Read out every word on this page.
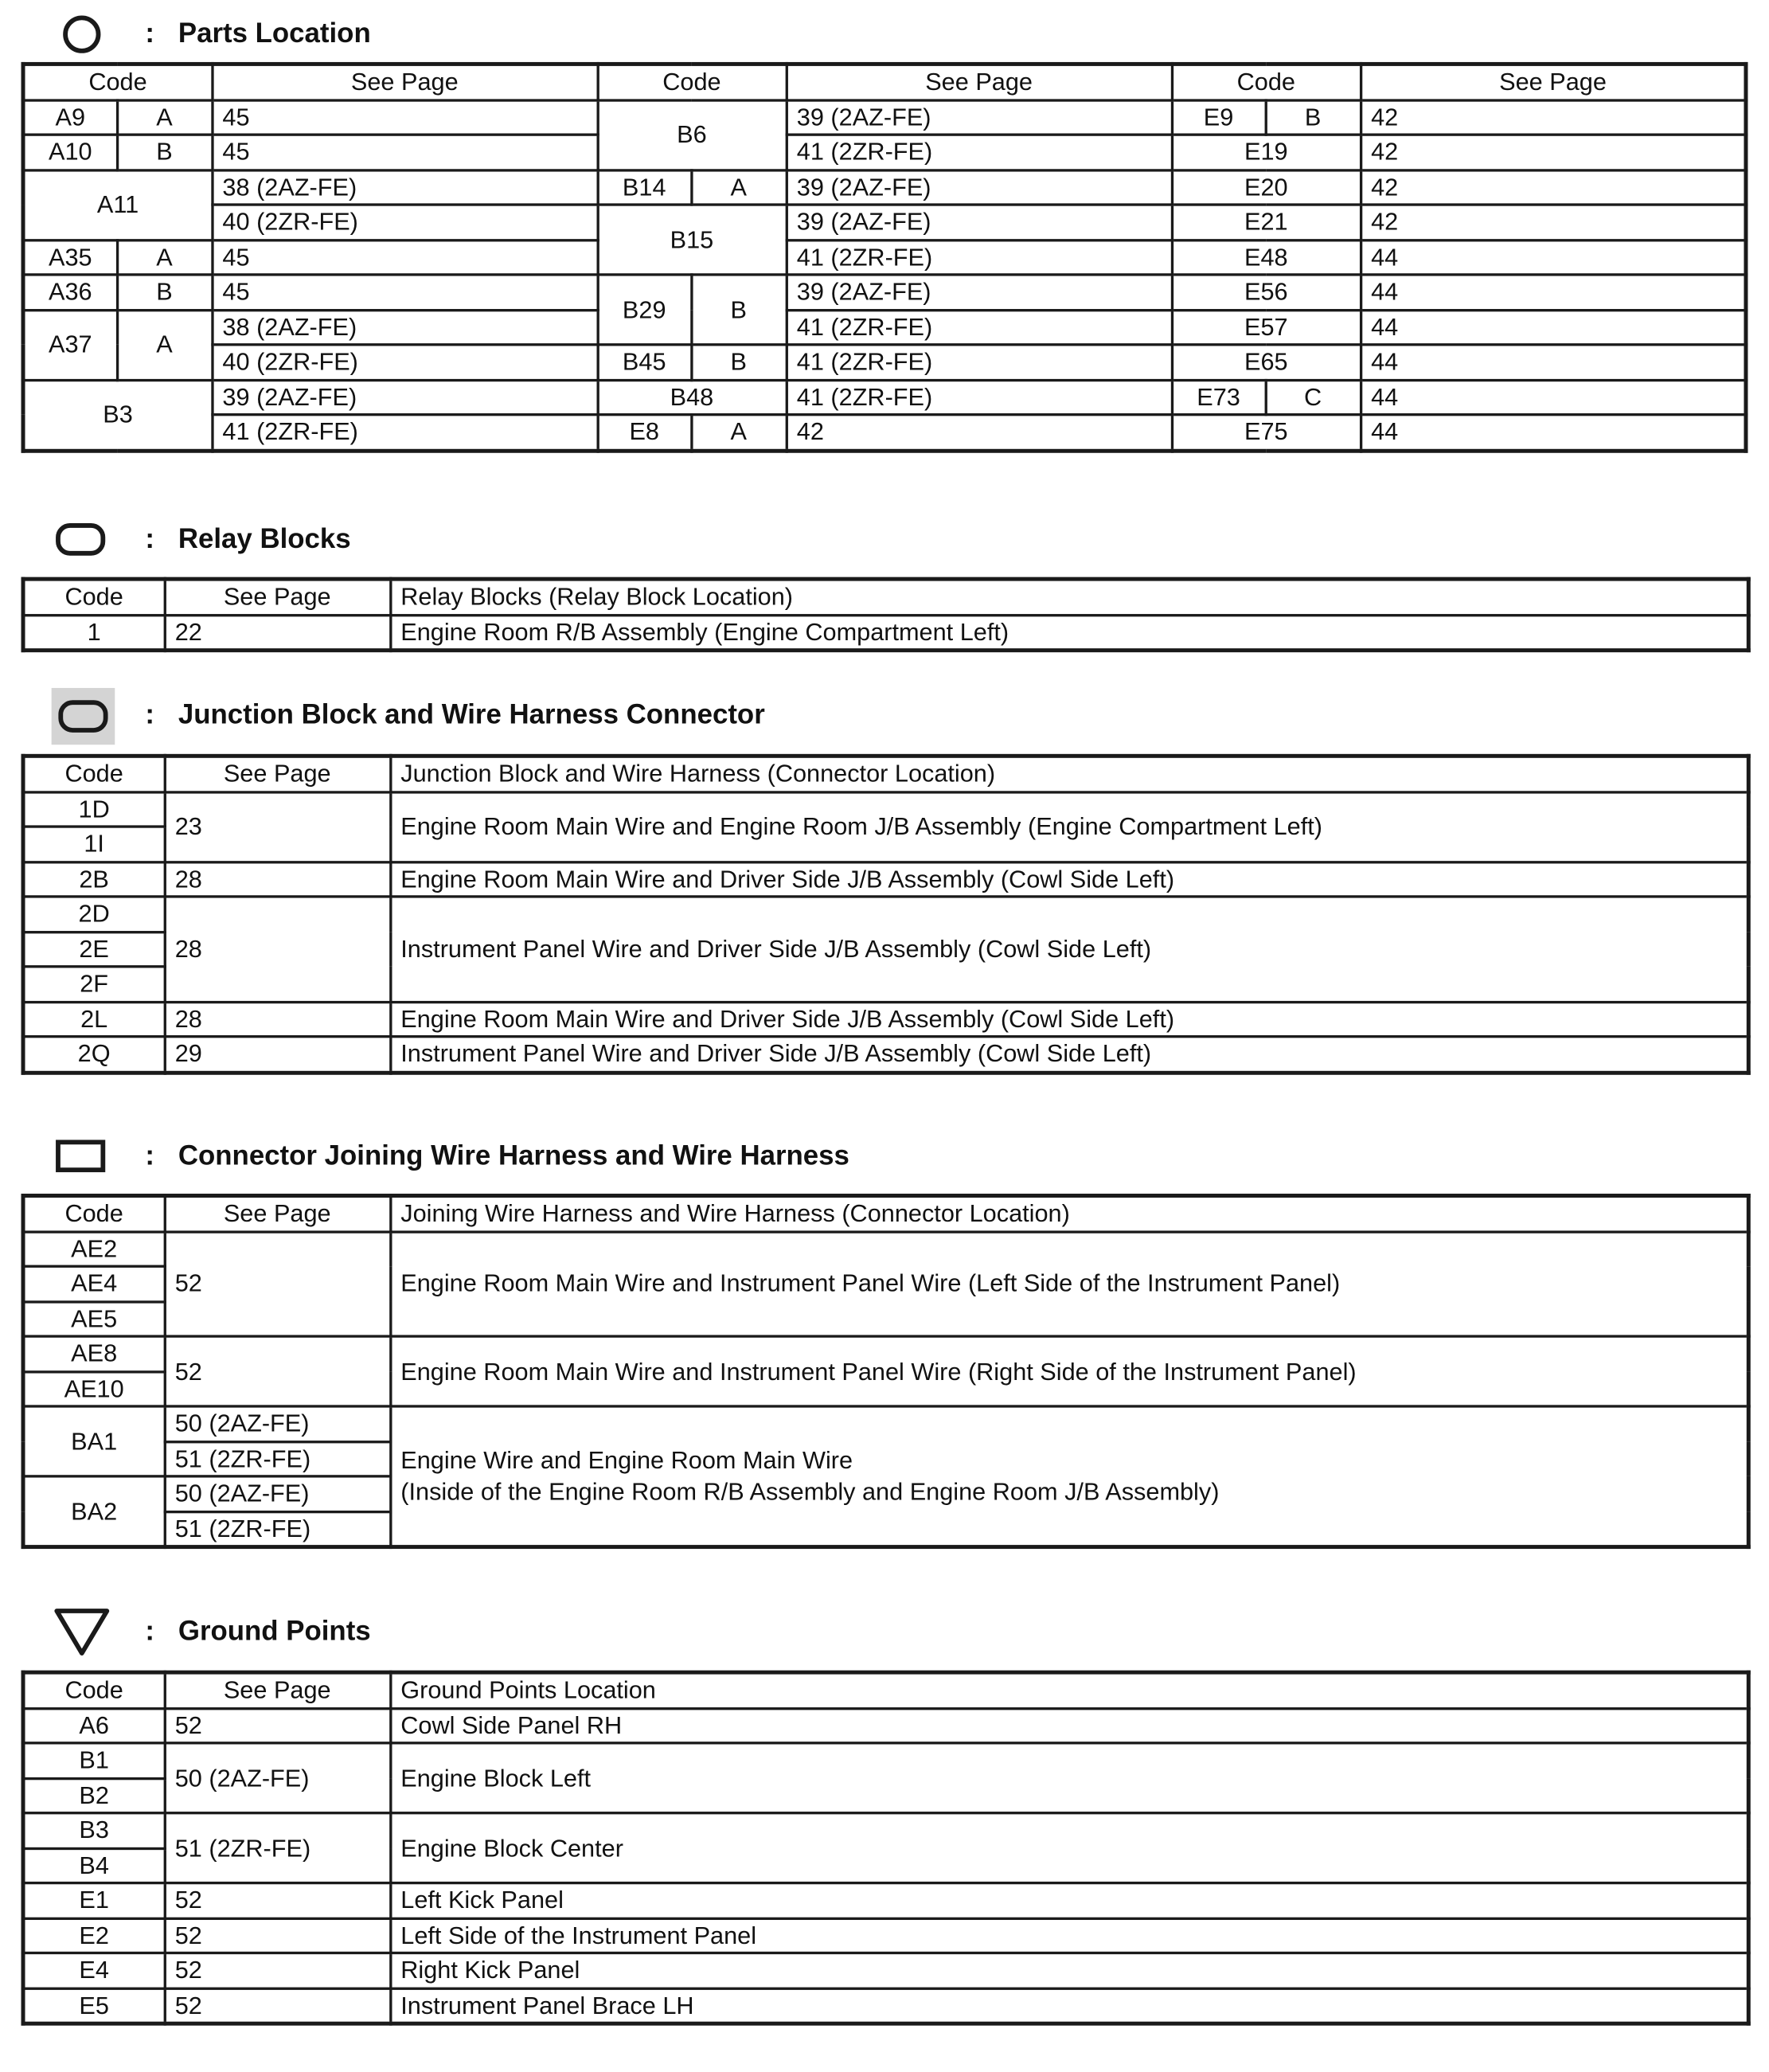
: Parts Location
Code		See Page	Code		See Page	Code		See Page
A9	A	45	B6		39 (2AZ-FE)	E9	B	42
A10	B	45			41 (2ZR-FE)	E19		42
A11		38 (2AZ-FE)	B14	A	39 (2AZ-FE)	E20		42
		40 (2ZR-FE)	B15		39 (2AZ-FE)	E21		42
A35	A	45			41 (2ZR-FE)	E48		44
A36	B	45	B29	B	39 (2AZ-FE)	E56		44
A37	A	38 (2AZ-FE)			41 (2ZR-FE)	E57		44
		40 (2ZR-FE)	B45	B	41 (2ZR-FE)	E65		44
B3		39 (2AZ-FE)	B48		41 (2ZR-FE)	E73	C	44
		41 (2ZR-FE)	E8	A	42	E75		44
: Relay Blocks
Code	See Page	Relay Blocks (Relay Block Location)
1	22	Engine Room R/B Assembly (Engine Compartment Left)
: Junction Block and Wire Harness Connector
Code	See Page	Junction Block and Wire Harness (Connector Location)
1D	23	Engine Room Main Wire and Engine Room J/B Assembly (Engine Compartment Left)

1I		
2B	28	Engine Room Main Wire and Driver Side J/B Assembly (Cowl Side Left)

2D	28	Instrument Panel Wire and Driver Side J/B Assembly (Cowl Side Left)

2E		
2F		
2L	28	Engine Room Main Wire and Driver Side J/B Assembly (Cowl Side Left)

2Q	29	Instrument Panel Wire and Driver Side J/B Assembly (Cowl Side Left)
: Connector Joining Wire Harness and Wire Harness
Code	See Page	Joining Wire Harness and Wire Harness (Connector Location)
AE2	52	Engine Room Main Wire and Instrument Panel Wire (Left Side of the Instrument Panel)

AE4		
AE5		
AE8	52	Engine Room Main Wire and Instrument Panel Wire (Right Side of the Instrument Panel)

AE10		
BA1	50 (2AZ-FE)	Engine Wire and Engine Room Main Wire
(Inside of the Engine Room R/B Assembly and Engine Room J/B Assembly)

	51 (2ZR-FE)	
BA2	50 (2AZ-FE)	
	51 (2ZR-FE)	
: Ground Points
Code	See Page	Ground Points Location
A6	52	Cowl Side Panel RH

B1	50 (2AZ-FE)	Engine Block Left

B2		
B3	51 (2ZR-FE)	Engine Block Center

B4		
E1	52	Left Kick Panel

E2	52	Left Side of the Instrument Panel

E4	52	Right Kick Panel

E5	52	Instrument Panel Brace LH
